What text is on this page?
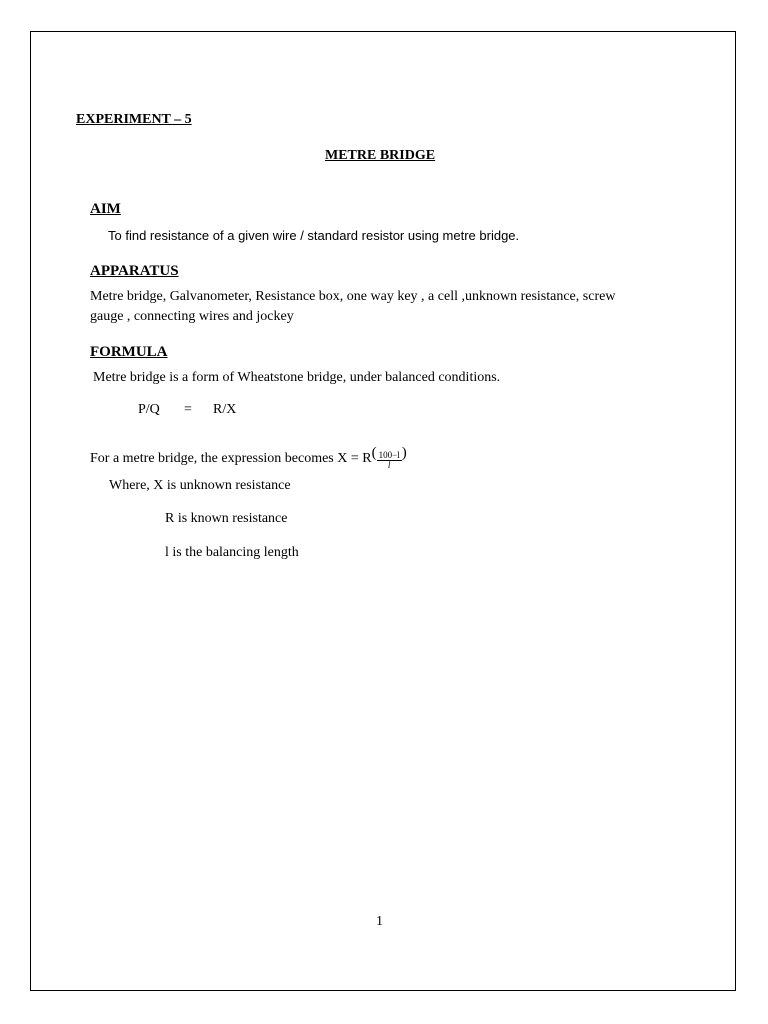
EXPERIMENT – 5
METRE BRIDGE
AIM
To find resistance of a given wire / standard resistor using metre bridge.
APPARATUS
Metre bridge, Galvanometer, Resistance box, one way key , a cell ,unknown resistance, screw
gauge , connecting wires and jockey
FORMULA
Metre bridge is a form of Wheatstone bridge, under balanced conditions.
P/Q = R/X
For a metre bridge, the expression becomes $X = R( \frac{100-l}{l}$ )
Where, X is unknown resistance
R is known resistance
l is the balancing length
1
